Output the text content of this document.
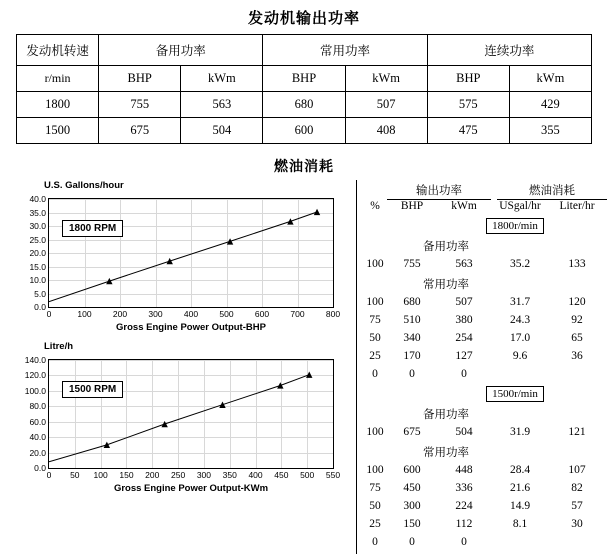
发动机输出功率
发动机转速	备用功率		常用功率		连续功率	
r/min	BHP	kWm	BHP	kWm	BHP	kWm
1800	755	563	680	507	575	429
1500	675	504	600	408	475	355
燃油消耗
U.S. Gallons/hour
0.0
5.0
10.0
15.0
20.0
25.0
30.0
35.0
40.0
0	100	200	300	400	500	600	700	800
1800 RPM
Gross Engine Power Output-BHP
Litre/h
0.0
20.0
40.0
60.0
80.0
100.0
120.0
140.0
0 50 100 150 200 250 300 350 400 450 500 550
1500 RPM
Gross Engine Power Output-KWm
输出功率	燃油消耗
%	BHP	kWm	USgal/hr	Liter/hr
1800r/min
备用功率
100	755	563	35.2	133
常用功率
100	680	507	31.7	120
75	510	380	24.3	92
50	340	254	17.0	65
25	170	127	9.6	36
0	0	0
1500r/min
备用功率
100	675	504	31.9	121
常用功率
100	600	448	28.4	107
75	450	336	21.6	82
50	300	224	14.9	57
25	150	112	8.1	30
0	0	0
